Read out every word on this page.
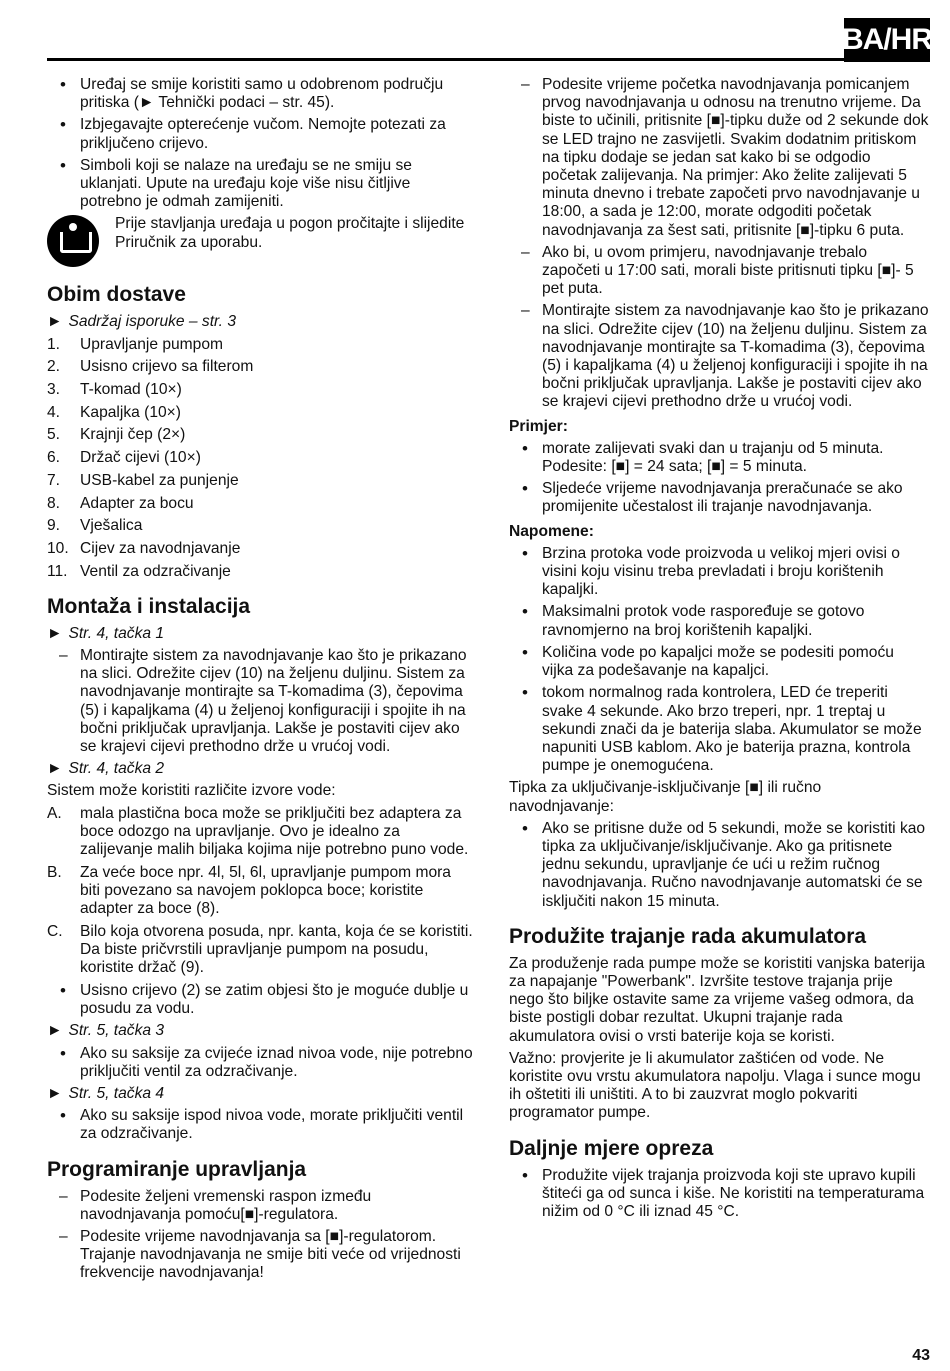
BA/HR
• Uređaj se smije koristiti samo u odobrenom području pritiska (► Tehnički podaci – str. 45).
• Izbjegavajte opterećenje vučom. Nemojte potezati za priključeno crijevo.
• Simboli koji se nalaze na uređaju se ne smiju se uklanjati. Upute na uređaju koje više nisu čitljive potrebno je odmah zamijeniti.
Prije stavljanja uređaja u pogon pročitajte i slijedite Priručnik za uporabu.
Obim dostave
► Sadržaj isporuke – str. 3
1. Upravljanje pumpom
2. Usisno crijevo sa filterom
3. T-komad (10×)
4. Kapaljka (10×)
5. Krajnji čep (2×)
6. Držač cijevi (10×)
7. USB-kabel za punjenje
8. Adapter za bocu
9. Vješalica
10. Cijev za navodnjavanje
11. Ventil za odzračivanje
Montaža i instalacija
► Str. 4, tačka 1
– Montirajte sistem za navodnjavanje kao što je prikazano na slici. Odrežite cijev (10) na željenu duljinu. Sistem za navodnjavanje montirajte sa T-komadima (3), čepovima (5) i kapaljkama (4) u željenoj konfiguraciji i spojite ih na bočni priključak upravljanja. Lakše je postaviti cijev ako se krajevi cijevi prethodno drže u vrućoj vodi.
► Str. 4, tačka 2
Sistem može koristiti različite izvore vode:
A. mala plastična boca može se priključiti bez adaptera za boce odozgo na upravljanje. Ovo je idealno za zalijevanje malih biljaka kojima nije potrebno puno vode.
B. Za veće boce npr. 4l, 5l, 6l, upravljanje pumpom mora biti povezano sa navojem poklopca boce; koristite adapter za boce (8).
C. Bilo koja otvorena posuda, npr. kanta, koja će se koristiti. Da biste pričvrstili upravljanje pumpom na posudu, koristite držač (9).
• Usisno crijevo (2) se zatim objesi što je moguće dublje u posudu za vodu.
► Str. 5, tačka 3
• Ako su saksije za cvijeće iznad nivoa vode, nije potrebno priključiti ventil za odzračivanje.
► Str. 5, tačka 4
• Ako su saksije ispod nivoa vode, morate priključiti ventil za odzračivanje.
Programiranje upravljanja
– Podesite željeni vremenski raspon između navodnjavanja pomoću[■]-regulatora.
– Podesite vrijeme navodnjavanja sa [■]-regulatorom. Trajanje navodnjavanja ne smije biti veće od vrijednosti frekvencije navodnjavanja!
– Podesite vrijeme početka navodnjavanja pomicanjem prvog navodnjavanja u odnosu na trenutno vrijeme. Da biste to učinili, pritisnite [■]-tipku duže od 2 sekunde dok se LED trajno ne zasvijetli. Svakim dodatnim pritiskom na tipku dodaje se jedan sat kako bi se odgodio početak zalijevanja. Na primjer: Ako želite zalijevati 5 minuta dnevno i trebate započeti prvo navodnjavanje u 18:00, a sada je 12:00, morate odgoditi početak navodnjavanja za šest sati, pritisnite [■]-tipku 6 puta.
– Ako bi, u ovom primjeru, navodnjavanje trebalo započeti u 17:00 sati, morali biste pritisnuti tipku [■]- 5 pet puta.
– Montirajte sistem za navodnjavanje kao što je prikazano na slici. Odrežite cijev (10) na željenu duljinu. Sistem za navodnjavanje montirajte sa T-komadima (3), čepovima (5) i kapaljkama (4) u željenoj konfiguraciji i spojite ih na bočni priključak upravljanja. Lakše je postaviti cijev ako se krajevi cijevi prethodno drže u vrućoj vodi.
Primjer:
• morate zalijevati svaki dan u trajanju od 5 minuta. Podesite: [■] = 24 sata; [■] = 5 minuta.
• Sljedeće vrijeme navodnjavanja preračunaće se ako promijenite učestalost ili trajanje navodnjavanja.
Napomene:
• Brzina protoka vode proizvoda u velikoj mjeri ovisi o visini koju visinu treba prevladati i broju korištenih kapaljki.
• Maksimalni protok vode raspoređuje se gotovo ravnomjerno na broj korištenih kapaljki.
• Količina vode po kapaljci može se podesiti pomoću vijka za podešavanje na kapaljci.
• tokom normalnog rada kontrolera, LED će treperiti svake 4 sekunde. Ako brzo treperi, npr. 1 treptaj u sekundi znači da je baterija slaba. Akumulator se može napuniti USB kablom. Ako je baterija prazna, kontrola pumpe je onemogućena.
Tipka za uključivanje-isključivanje [■] ili ručno navodnjavanje:
• Ako se pritisne duže od 5 sekundi, može se koristiti kao tipka za uključivanje/isključivanje. Ako ga pritisnete jednu sekundu, upravljanje će ući u režim ručnog navodnjavanja. Ručno navodnjavanje automatski će se isključiti nakon 15 minuta.
Produžite trajanje rada akumulatora
Za produženje rada pumpe može se koristiti vanjska baterija za napajanje "Powerbank". Izvršite testove trajanja prije nego što biljke ostavite same za vrijeme vašeg odmora, da biste postigli dobar rezultat. Ukupni trajanje rada akumulatora ovisi o vrsti baterije koja se koristi.
Važno: provjerite je li akumulator zaštićen od vode. Ne koristite ovu vrstu akumulatora napolju. Vlaga i sunce mogu ih oštetiti ili uništiti. A to bi zauzvrat moglo pokvariti programator pumpe.
Daljnje mjere opreza
• Produžite vijek trajanja proizvoda koji ste upravo kupili štiteći ga od sunca i kiše. Ne koristiti na temperaturama nižim od 0 °C ili iznad 45 °C.
43
